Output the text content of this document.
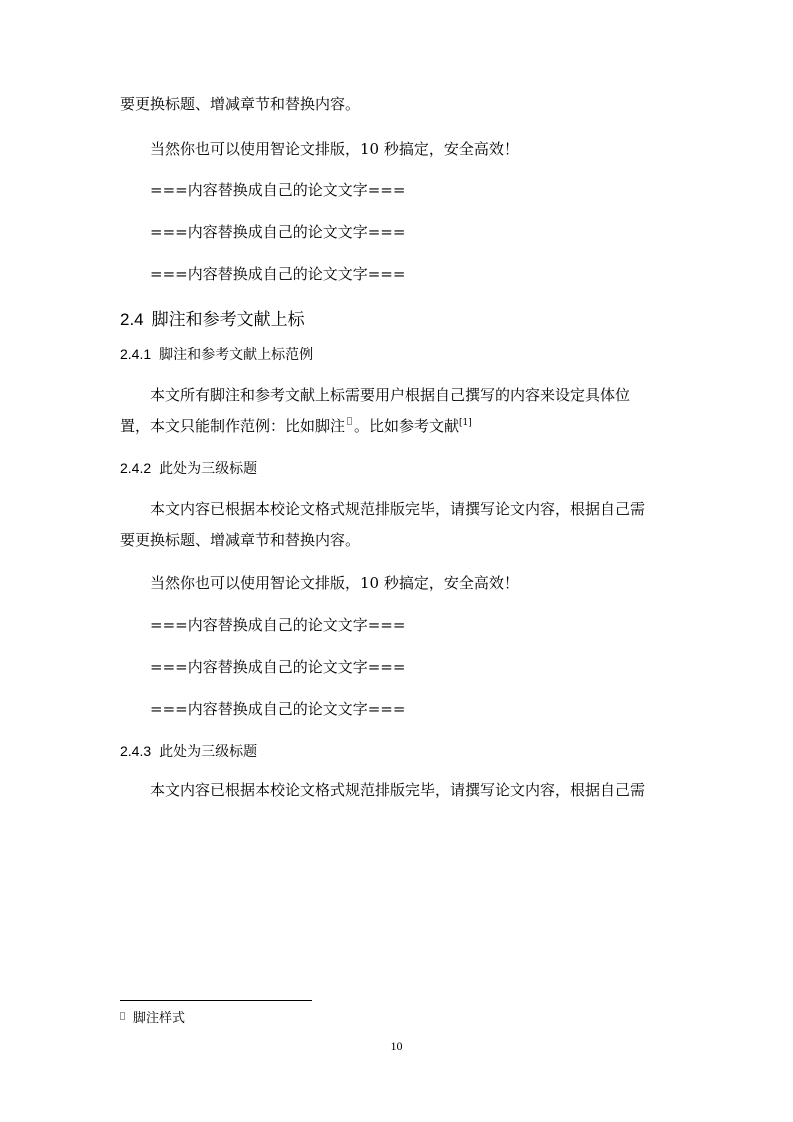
要更换标题、增减章节和替换内容。
当然你也可以使用智论文排版，10 秒搞定，安全高效！
===内容替换成自己的论文文字===
===内容替换成自己的论文文字===
===内容替换成自己的论文文字===
2.4 脚注和参考文献上标
2.4.1 脚注和参考文献上标范例
本文所有脚注和参考文献上标需要用户根据自己撰写的内容来设定具体位
置，本文只能制作范例：比如脚注 。比如参考文献[1]
2.4.2 此处为三级标题
本文内容已根据本校论文格式规范排版完毕，请撰写论文内容，根据自己需
要更换标题、增减章节和替换内容。
当然你也可以使用智论文排版，10 秒搞定，安全高效！
===内容替换成自己的论文文字===
===内容替换成自己的论文文字===
===内容替换成自己的论文文字===
2.4.3 此处为三级标题
本文内容已根据本校论文格式规范排版完毕，请撰写论文内容，根据自己需
脚注样式
10
